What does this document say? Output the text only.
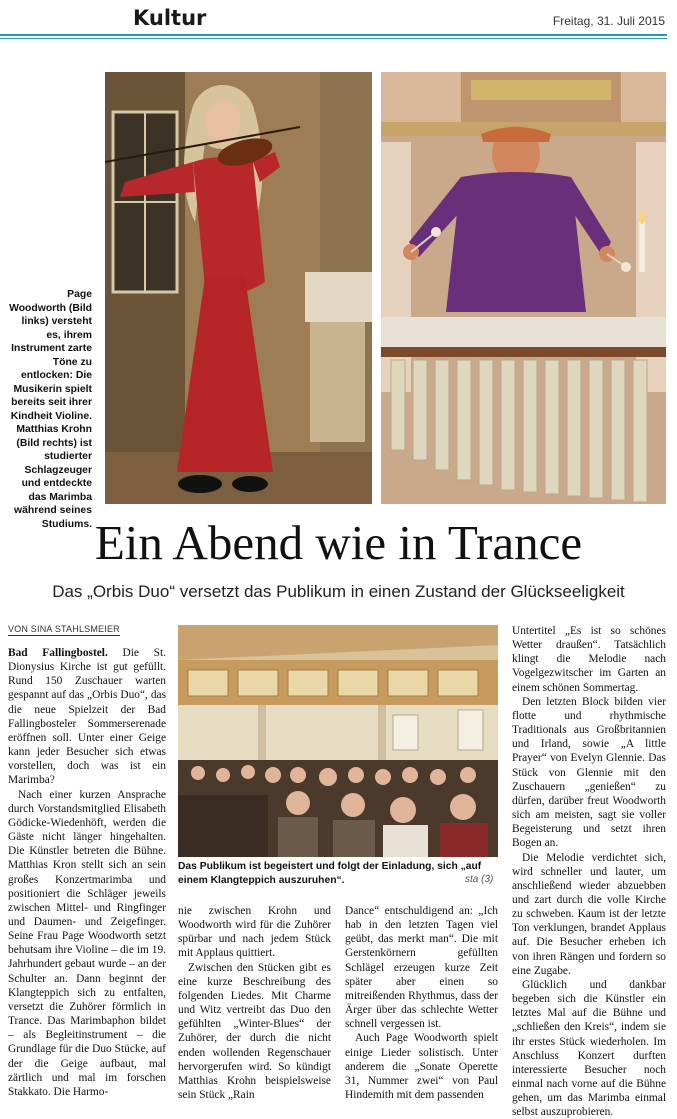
Kultur	Freitag, 31. Juli 2015
Page Woodworth (Bild links) versteht es, ihrem Instrument zarte Töne zu entlocken: Die Musikerin spielt bereits seit ihrer Kindheit Violine. Matthias Krohn (Bild rechts) ist studierter Schlagzeuger und entdeckte das Marimba während seines Studiums. Ein Abend wie in Trance
Das „Orbis Duo“ versetzt das Publikum in einen Zustand der Glückseeligkeit
VON SINA STAHLSMEIER

Bad Fallingbostel. Die St. Dionysius Kirche ist gut gefüllt. Rund 150 Zuschauer warten gespannt auf das „Orbis Duo“, das die neue Spielzeit der Bad Fallingbosteler Sommerserenade eröffnen soll. Unter einer Geige kann jeder Besucher sich etwas vorstellen, doch was ist ein Marimba?

Nach einer kurzen Ansprache durch Vorstandsmitglied Elisabeth Gödicke-Wiedenhöft, werden die Gäste nicht länger hingehalten. Die Künstler betreten die Bühne. Matthias Kron stellt sich an sein großes Konzertmarimba und positioniert die Schläger jeweils zwischen Mittel- und Ringfinger und Daumen- und Zeigefinger. Seine Frau Page Woodworth setzt behutsam ihre Violine – die im 19. Jahrhundert gebaut wurde – an der Schulter an. Dann beginnt der Klangteppich sich zu entfalten, versetzt die Zuhörer förmlich in Trance. Das Marimbaphon bildet – als Begleitinstrument – die Grundlage für die Duo Stücke, auf der die Geige aufbaut, mal zärtlich und mal im forschen Stakkato. Die Harmo-

Das Publikum ist begeistert und folgt der Einladung, sich „auf einem Klangteppich auszuruhen“.	sta (3)

nie zwischen Krohn und Woodworth wird für die Zuhörer spürbar und nach jedem Stück mit Applaus quittiert.

Zwischen den Stücken gibt es eine kurze Beschreibung des folgenden Liedes. Mit Charme und Witz vertreibt das Duo den gefühlten „Winter-Blues“ der Zuhörer, der durch die nicht enden wollenden Regenschauer hervorgerufen wird. So kündigt Matthias Krohn beispielsweise sein Stück „Rain

Dance“ entschuldigend an: „Ich hab in den letzten Tagen viel geübt, das merkt man“. Die mit Gerstenkörnern gefüllten Schlägel erzeugen kurze Zeit später aber einen so mitreißenden Rhythmus, dass der Ärger über das schlechte Wetter schnell vergessen ist.

Auch Page Woodworth spielt einige Lieder solistisch. Unter anderem die „Sonate Operette 31, Nummer zwei“ von Paul Hindemith mit dem passenden

Untertitel „Es ist so schönes Wetter draußen“. Tatsächlich klingt die Melodie nach Vogelgezwitscher im Garten an einem schönen Sommertag.

Den letzten Block bilden vier flotte und rhythmische Traditionals aus Großbritannien und Irland, sowie „A little Prayer“ von Evelyn Glennie. Das Stück von Glennie mit den Zuschauern „genießen“ zu dürfen, darüber freut Woodworth sich am meisten, sagt sie voller Begeisterung und setzt ihren Bogen an.

Die Melodie verdichtet sich, wird schneller und lauter, um anschließend wieder abzuebben und zart durch die volle Kirche zu schweben. Kaum ist der letzte Ton verklungen, brandet Applaus auf. Die Besucher erheben ich von ihren Rängen und fordern so eine Zugabe.

Glücklich und dankbar begeben sich die Künstler ein letztes Mal auf die Bühne und „schließen den Kreis“, indem sie ihr erstes Stück wiederholen. Im Anschluss Konzert durften interessierte Besucher noch einmal nach vorne auf die Bühne gehen, um das Marimba einmal selbst auszuprobieren.
